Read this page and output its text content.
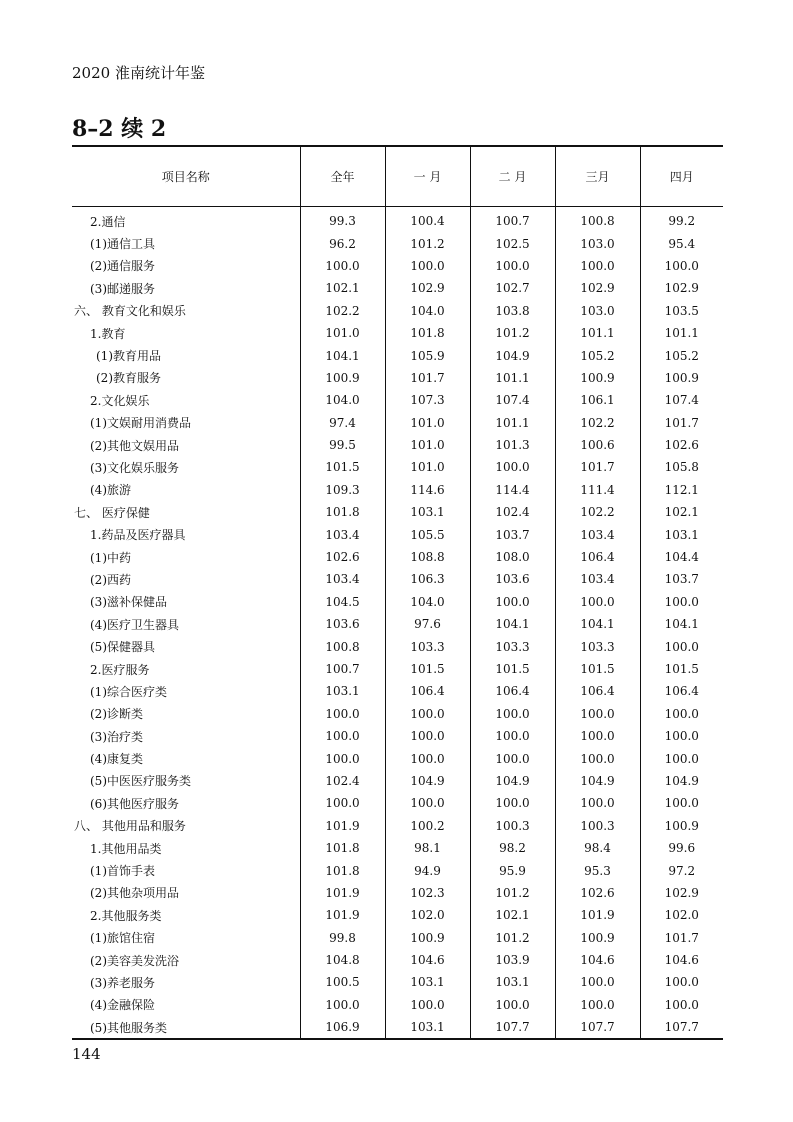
2020 淮南统计年鉴
8–2 续 2
项目名称	全年	一 月	二 月	三月	四月
2.通信	99.3	100.4	100.7	100.8	99.2
(1)通信工具	96.2	101.2	102.5	103.0	95.4
(2)通信服务	100.0	100.0	100.0	100.0	100.0
(3)邮递服务	102.1	102.9	102.7	102.9	102.9
六、 教育文化和娱乐	102.2	104.0	103.8	103.0	103.5
1.教育	101.0	101.8	101.2	101.1	101.1
(1)教育用品	104.1	105.9	104.9	105.2	105.2
(2)教育服务	100.9	101.7	101.1	100.9	100.9
2.文化娱乐	104.0	107.3	107.4	106.1	107.4
(1)文娱耐用消费品	97.4	101.0	101.1	102.2	101.7
(2)其他文娱用品	99.5	101.0	101.3	100.6	102.6
(3)文化娱乐服务	101.5	101.0	100.0	101.7	105.8
(4)旅游	109.3	114.6	114.4	111.4	112.1
七、 医疗保健	101.8	103.1	102.4	102.2	102.1
1.药品及医疗器具	103.4	105.5	103.7	103.4	103.1
(1)中药	102.6	108.8	108.0	106.4	104.4
(2)西药	103.4	106.3	103.6	103.4	103.7
(3)滋补保健品	104.5	104.0	100.0	100.0	100.0
(4)医疗卫生器具	103.6	97.6	104.1	104.1	104.1
(5)保健器具	100.8	103.3	103.3	103.3	100.0
2.医疗服务	100.7	101.5	101.5	101.5	101.5
(1)综合医疗类	103.1	106.4	106.4	106.4	106.4
(2)诊断类	100.0	100.0	100.0	100.0	100.0
(3)治疗类	100.0	100.0	100.0	100.0	100.0
(4)康复类	100.0	100.0	100.0	100.0	100.0
(5)中医医疗服务类	102.4	104.9	104.9	104.9	104.9
(6)其他医疗服务	100.0	100.0	100.0	100.0	100.0
八、 其他用品和服务	101.9	100.2	100.3	100.3	100.9
1.其他用品类	101.8	98.1	98.2	98.4	99.6
(1)首饰手表	101.8	94.9	95.9	95.3	97.2
(2)其他杂项用品	101.9	102.3	101.2	102.6	102.9
2.其他服务类	101.9	102.0	102.1	101.9	102.0
(1)旅馆住宿	99.8	100.9	101.2	100.9	101.7
(2)美容美发洗浴	104.8	104.6	103.9	104.6	104.6
(3)养老服务	100.5	103.1	103.1	100.0	100.0
(4)金融保险	100.0	100.0	100.0	100.0	100.0
(5)其他服务类	106.9	103.1	107.7	107.7	107.7
144
